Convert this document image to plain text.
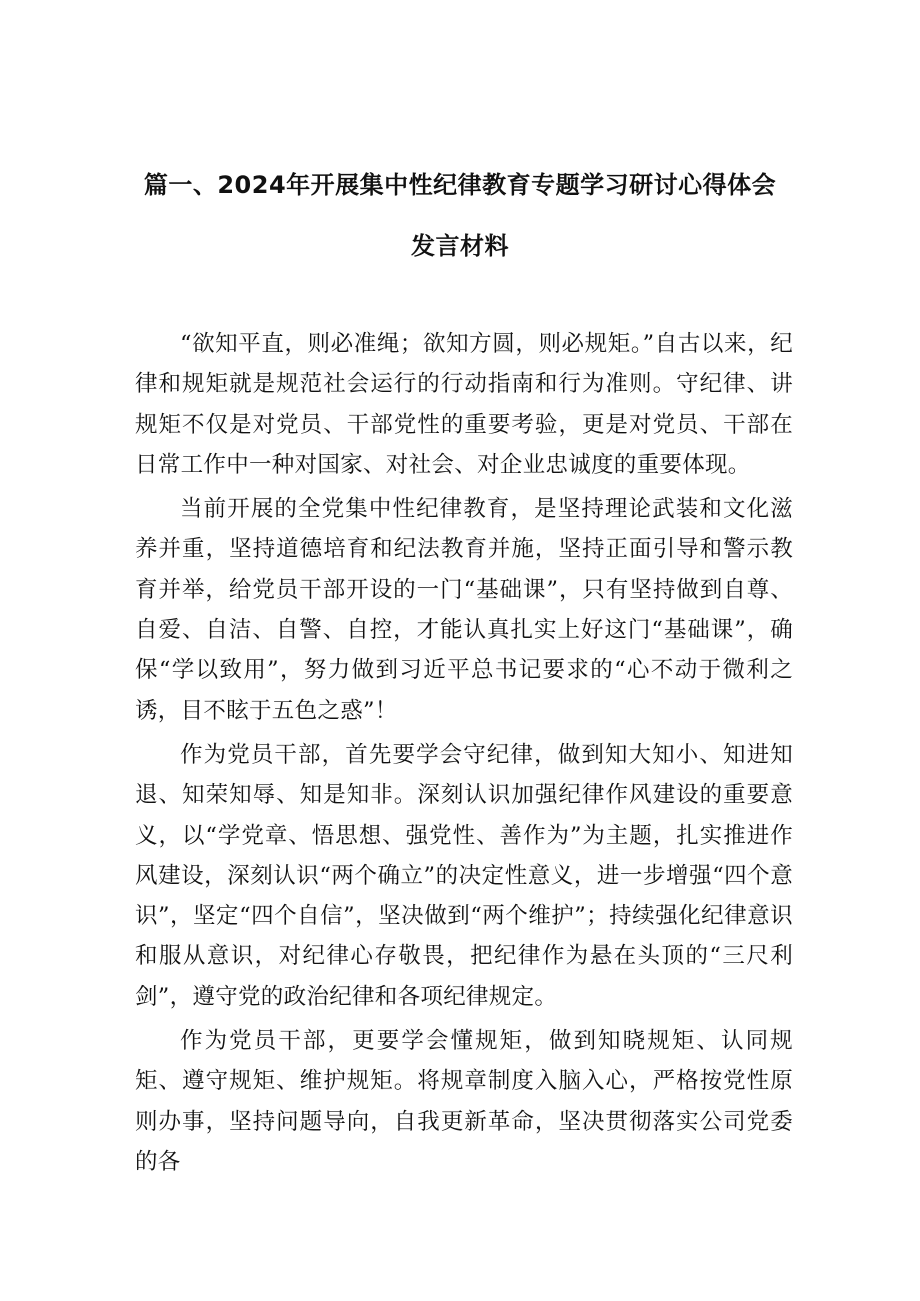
篇一、2024年开展集中性纪律教育专题学习研讨心得体会
发言材料

“欲知平直，则必准绳；欲知方圆，则必规矩。”自古以来，纪律和规矩就是规范社会运行的行动指南和行为准则。守纪律、讲规矩不仅是对党员、干部党性的重要考验，更是对党员、干部在日常工作中一种对国家、对社会、对企业忠诚度的重要体现。

当前开展的全党集中性纪律教育，是坚持理论武装和文化滋养并重，坚持道德培育和纪法教育并施，坚持正面引导和警示教育并举，给党员干部开设的一门“基础课”，只有坚持做到自尊、自爱、自洁、自警、自控，才能认真扎实上好这门“基础课”，确保“学以致用”，努力做到习近平总书记要求的“心不动于微利之诱，目不眩于五色之惑”！

作为党员干部，首先要学会守纪律，做到知大知小、知进知退、知荣知辱、知是知非。深刻认识加强纪律作风建设的重要意义，以“学党章、悟思想、强党性、善作为”为主题，扎实推进作风建设，深刻认识“两个确立”的决定性意义，进一步增强“四个意识”，坚定“四个自信”，坚决做到“两个维护”；持续强化纪律意识和服从意识，对纪律心存敬畏，把纪律作为悬在头顶的“三尺利剑”，遵守党的政治纪律和各项纪律规定。

作为党员干部，更要学会懂规矩，做到知晓规矩、认同规矩、遵守规矩、维护规矩。将规章制度入脑入心，严格按党性原则办事，坚持问题导向，自我更新革命，坚决贯彻落实公司党委的各
